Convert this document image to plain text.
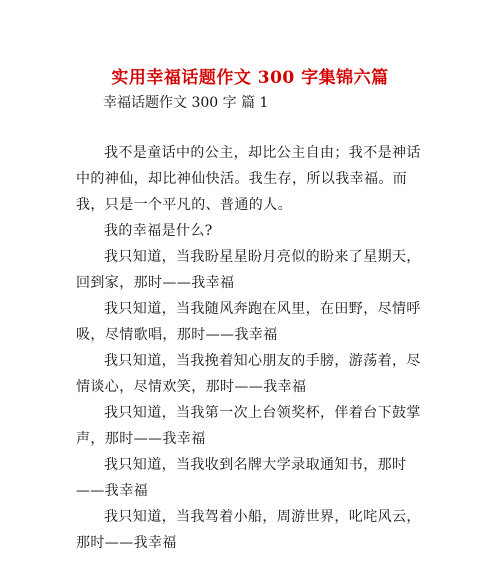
实用幸福话题作文 300 字集锦六篇
幸福话题作文 300 字 篇 1

我不是童话中的公主，却比公主自由；我不是神话中的神仙，却比神仙快活。我生存，所以我幸福。而我，只是一个平凡的、普通的人。

我的幸福是什么?

我只知道，当我盼星星盼月亮似的盼来了星期天，回到家，那时——我幸福

我只知道，当我随风奔跑在风里，在田野，尽情呼吸，尽情歌唱，那时——我幸福

我只知道，当我挽着知心朋友的手膀，游荡着，尽情谈心，尽情欢笑，那时——我幸福

我只知道，当我第一次上台领奖杯，伴着台下鼓掌声，那时——我幸福

我只知道，当我收到名牌大学录取通知书，那时——我幸福

我只知道，当我驾着小船，周游世界，叱咤风云，那时——我幸福
